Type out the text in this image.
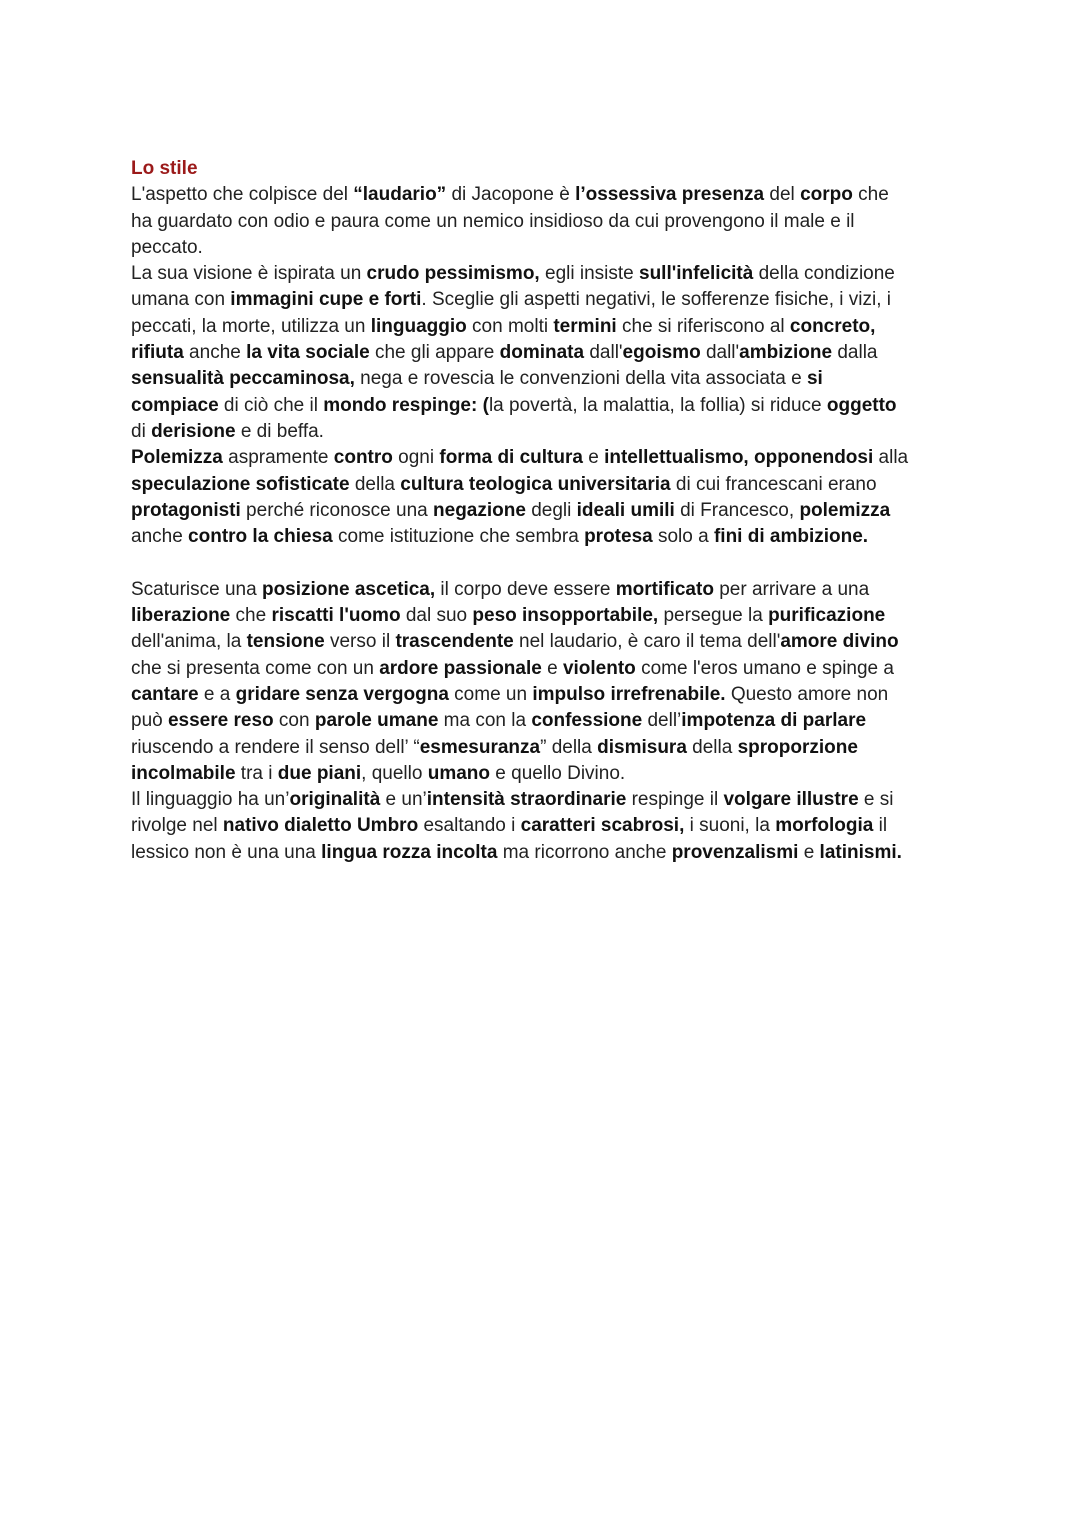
Lo stile

L'aspetto che colpisce del “laudario” di Jacopone è l’ossessiva presenza del corpo che
ha guardato con odio e paura come un nemico insidioso da cui provengono il male e il
peccato.

La sua visione è ispirata un crudo pessimismo, egli insiste sull'infelicità della condizione
umana con immagini cupe e forti. Sceglie gli aspetti negativi, le sofferenze fisiche, i vizi, i
peccati, la morte, utilizza un linguaggio con molti termini che si riferiscono al concreto,
rifiuta anche la vita sociale che gli appare dominata dall'egoismo dall'ambizione dalla
sensualità peccaminosa, nega e rovescia le convenzioni della vita associata e si
compiace di ciò che il mondo respinge: (la povertà, la malattia, la follia) si riduce oggetto
di derisione e di beffa.

Polemizza aspramente contro ogni forma di cultura e intellettualismo, opponendosi alla
speculazione sofisticate della cultura teologica universitaria di cui francescani erano
protagonisti perché riconosce una negazione degli ideali umili di Francesco, polemizza
anche contro la chiesa come istituzione che sembra protesa solo a fini di ambizione.

Scaturisce una posizione ascetica, il corpo deve essere mortificato per arrivare a una
liberazione che riscatti l'uomo dal suo peso insopportabile, persegue la purificazione
dell'anima, la tensione verso il trascendente nel laudario, è caro il tema dell'amore divino
che si presenta come con un ardore passionale e violento come l'eros umano e spinge a
cantare e a gridare senza vergogna come un impulso irrefrenabile. Questo amore non
può essere reso con parole umane ma con la confessione dell’impotenza di parlare
riuscendo a rendere il senso dell’ “esmesuranza” della dismisura della sproporzione
incolmabile tra i due piani, quello umano e quello Divino.

Il linguaggio ha un’originalità e un’intensità straordinarie respinge il volgare illustre e si
rivolge nel nativo dialetto Umbro esaltando i caratteri scabrosi, i suoni, la morfologia il
lessico non è una una lingua rozza incolta ma ricorrono anche provenzalismi e latinismi.
